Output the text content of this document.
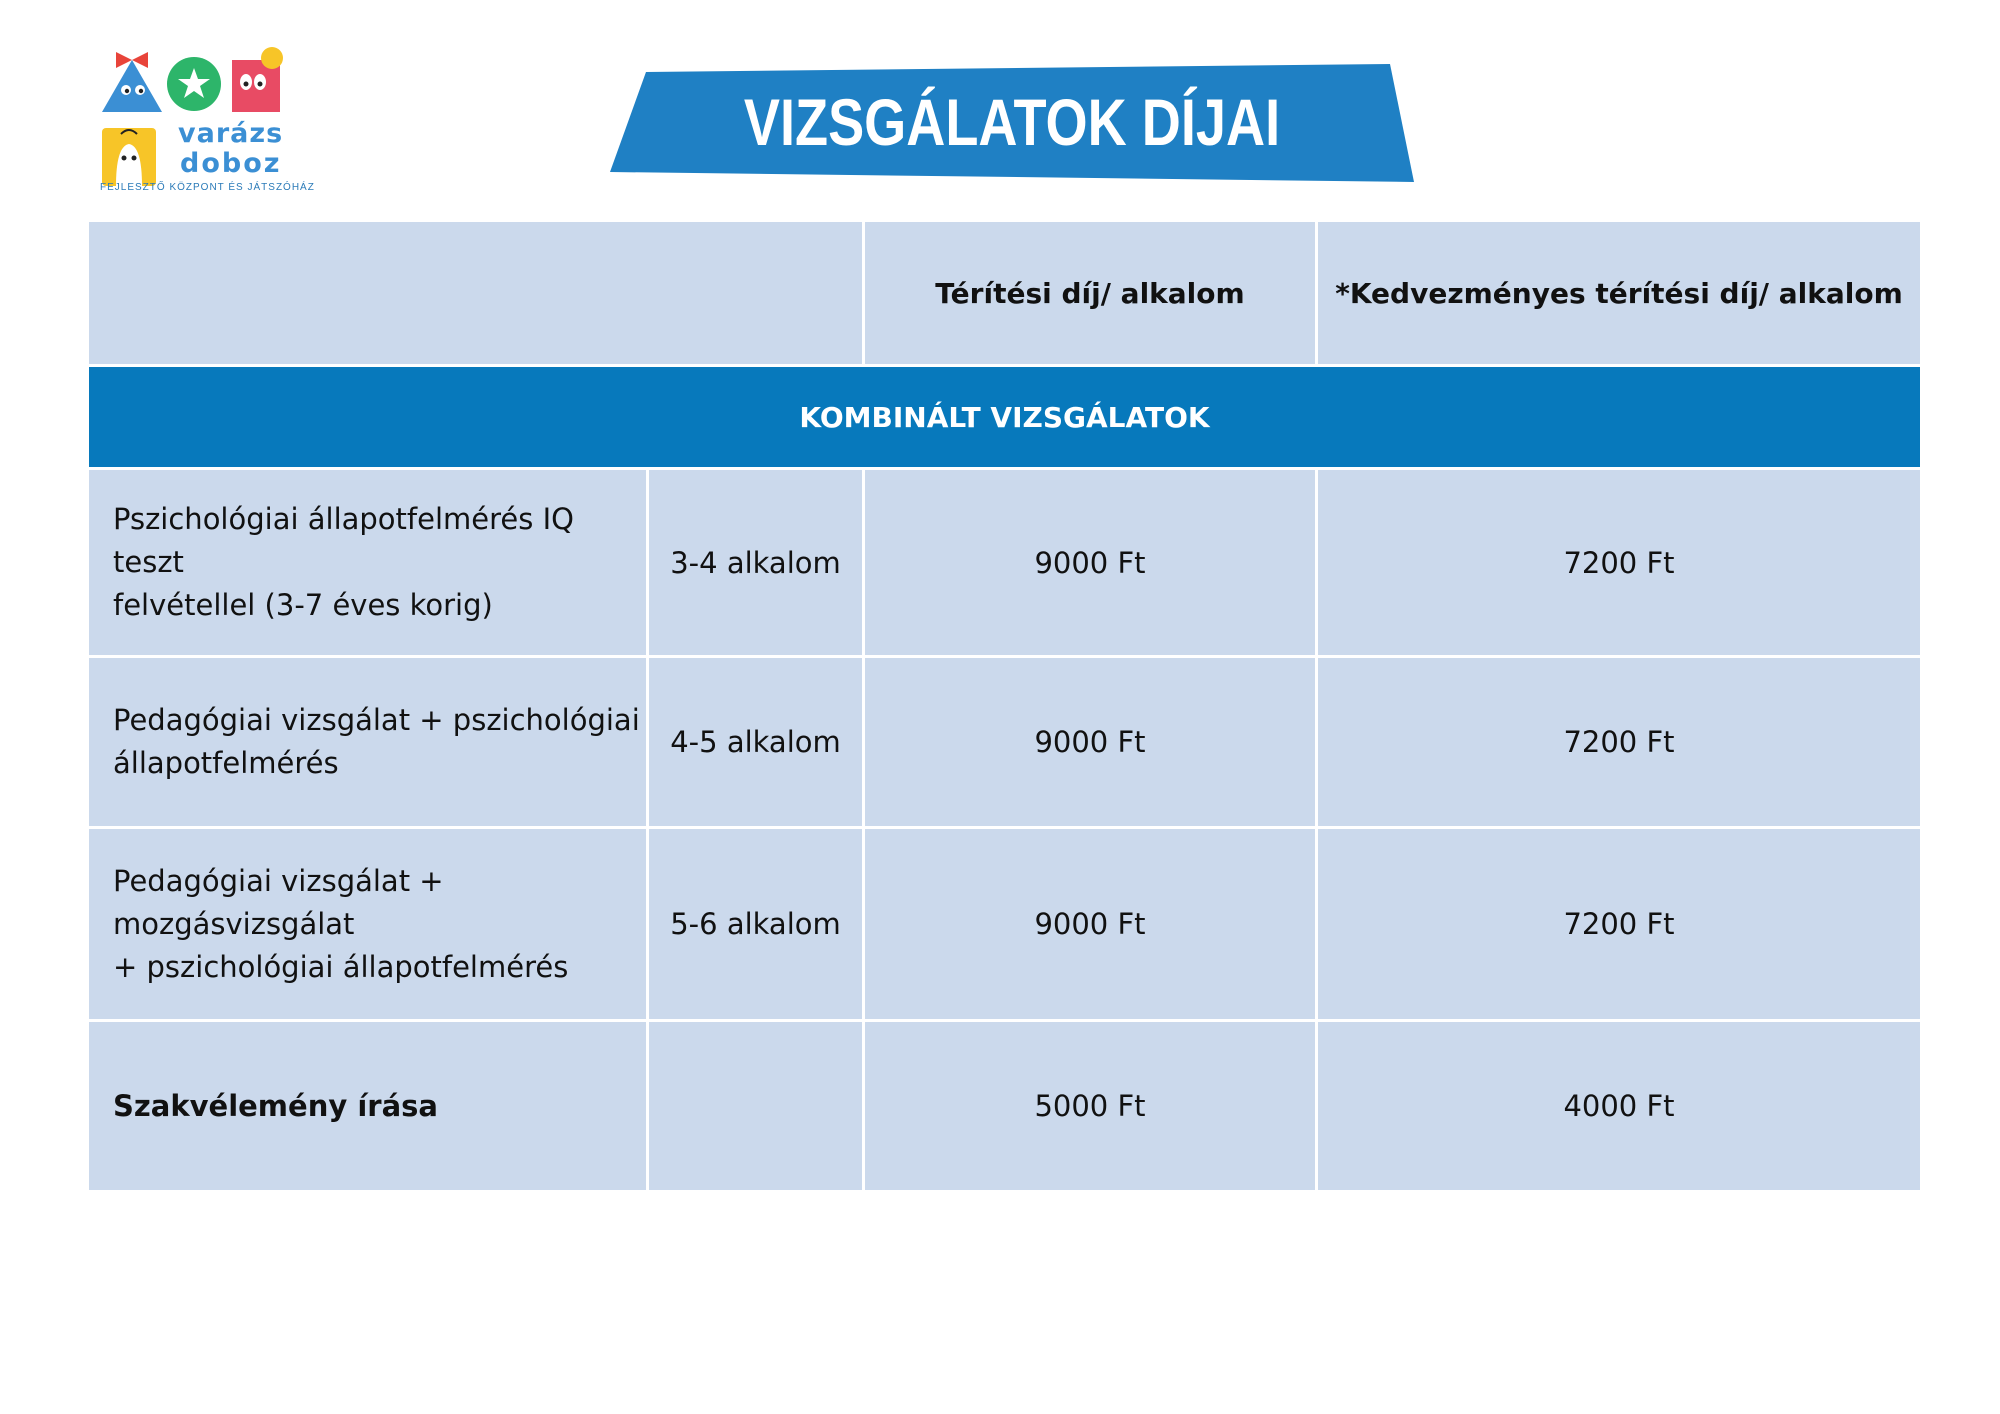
varázs
doboz
FEJLESZTŐ KÖZPONT ÉS JÁTSZÓHÁZ
VIZSGÁLATOK DÍJAI
		Térítési díj/ alkalom	*Kedvezményes térítési díj/ alkalom
KOMBINÁLT VIZSGÁLATOK			
Pszichológiai állapotfelmérés IQ teszt
felvétellel (3-7 éves korig)	3-4 alkalom	9000 Ft	7200 Ft
Pedagógiai vizsgálat + pszichológiai
állapotfelmérés	4-5 alkalom	9000 Ft	7200 Ft
Pedagógiai vizsgálat + mozgásvizsgálat
+ pszichológiai állapotfelmérés	5-6 alkalom	9000 Ft	7200 Ft
Szakvélemény írása		5000 Ft	4000 Ft
